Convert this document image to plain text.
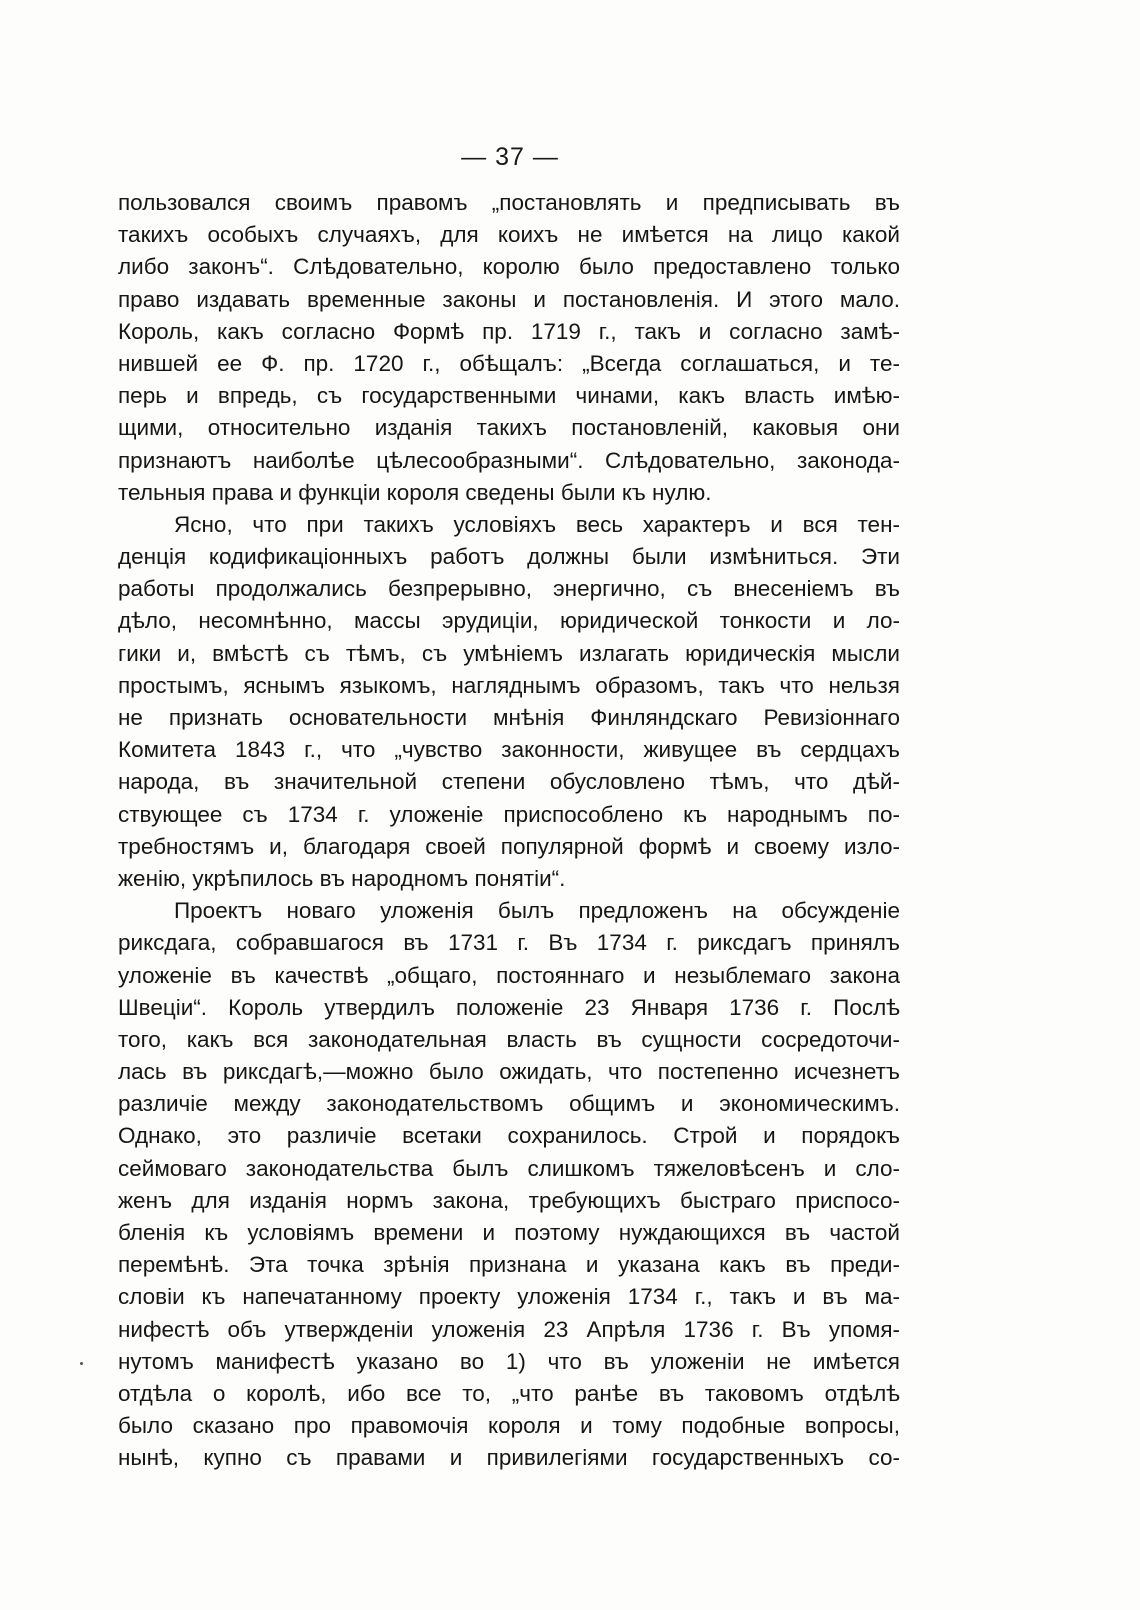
— 37 —
пользовался своимъ правомъ „постановлять и предписывать въ
такихъ особыхъ случаяхъ, для коихъ не имѣется на лицо какой
либо законъ“. Слѣдовательно, королю было предоставлено только
право издавать временные законы и постановленія. И этого мало.
Король, какъ согласно Формѣ пр. 1719 г., такъ и согласно замѣ-
нившей ее Ф. пр. 1720 г., обѣщалъ: „Всегда соглашаться, и те-
перь и впредь, съ государственными чинами, какъ власть имѣю-
щими, относительно изданія такихъ постановленій, каковыя они
признаютъ наиболѣе цѣлесообразными“. Слѣдовательно, законода-
тельныя права и функціи короля сведены были къ нулю.
Ясно, что при такихъ условіяхъ весь характеръ и вся тен-
денція кодификаціонныхъ работъ должны были измѣниться. Эти
работы продолжались безпрерывно, энергично, съ внесеніемъ въ
дѣло, несомнѣнно, массы эрудиціи, юридической тонкости и ло-
гики и, вмѣстѣ съ тѣмъ, съ умѣніемъ излагать юридическія мысли
простымъ, яснымъ языкомъ, нагляднымъ образомъ, такъ что нельзя
не признать основательности мнѣнія Финляндскаго Ревизіоннаго
Комитета 1843 г., что „чувство законности, живущее въ сердцахъ
народа, въ значительной степени обусловлено тѣмъ, что дѣй-
ствующее съ 1734 г. уложеніе приспособлено къ народнымъ по-
требностямъ и, благодаря своей популярной формѣ и своему изло-
женію, укрѣпилось въ народномъ понятіи“.
Проектъ новаго уложенія былъ предложенъ на обсужденіе
риксдага, собравшагося въ 1731 г. Въ 1734 г. риксдагъ принялъ
уложеніе въ качествѣ „общаго, постояннаго и незыблемаго закона
Швеціи“. Король утвердилъ положеніе 23 Января 1736 г. Послѣ
того, какъ вся законодательная власть въ сущности сосредоточи-
лась въ риксдагѣ,—можно было ожидать, что постепенно исчезнетъ
различіе между законодательствомъ общимъ и экономическимъ.
Однако, это различіе всетаки сохранилось. Строй и порядокъ
сеймоваго законодательства былъ слишкомъ тяжеловѣсенъ и сло-
женъ для изданія нормъ закона, требующихъ быстраго приспосо-
бленія къ условіямъ времени и поэтому нуждающихся въ частой
перемѣнѣ. Эта точка зрѣнія признана и указана какъ въ преди-
словіи къ напечатанному проекту уложенія 1734 г., такъ и въ ма-
нифестѣ объ утвержденіи уложенія 23 Апрѣля 1736 г. Въ упомя-
нутомъ манифестѣ указано во 1) что въ уложеніи не имѣется
отдѣла о королѣ, ибо все то, „что ранѣе въ таковомъ отдѣлѣ
было сказано про правомочія короля и тому подобные вопросы,
нынѣ, купно съ правами и привилегіями государственныхъ со-
